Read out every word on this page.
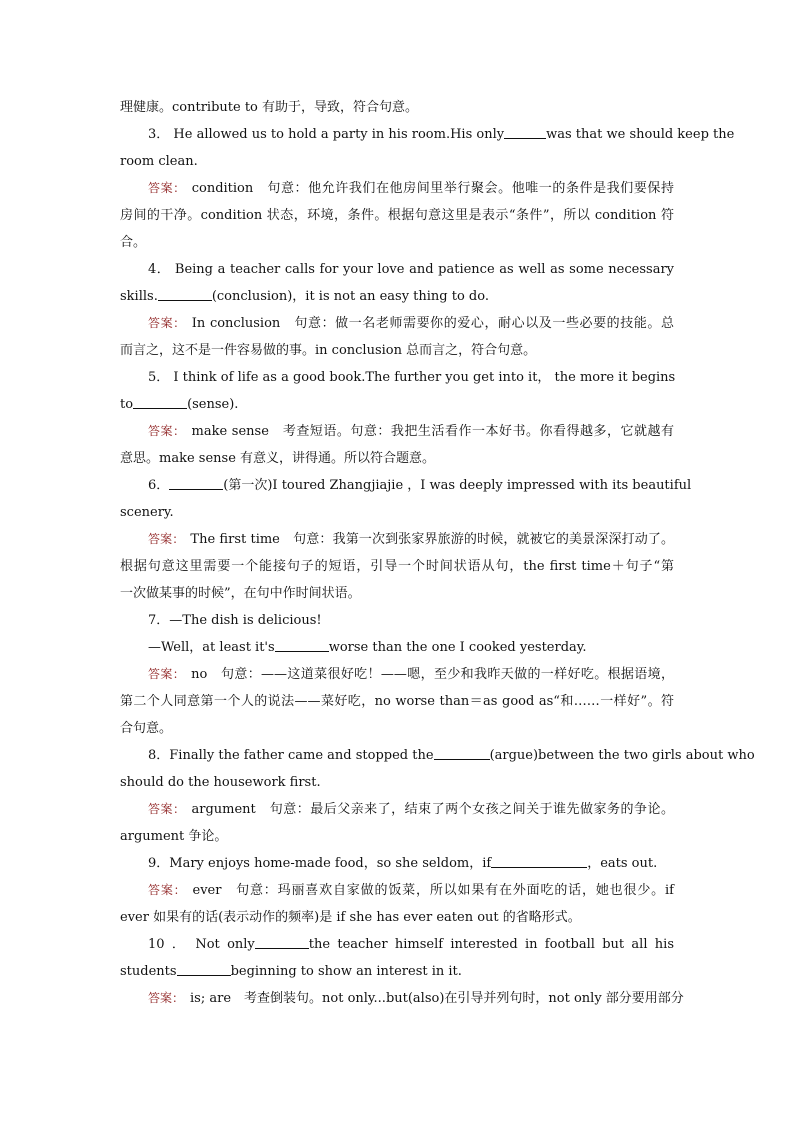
理健康。contribute to 有助于，导致，符合句意。
3． He allowed us to hold a party in his room.His only	was that we should keep the
room clean.
答案： condition　句意：他允许我们在他房间里举行聚会。他唯一的条件是我们要保持
房间的干净。condition 状态，环境，条件。根据句意这里是表示“条件”，所以 condition 符
合。
4． Being a teacher calls for your love and patience as well as some necessary
skills.	(conclusion)，it is not an easy thing to do.
答案： In conclusion　句意：做一名老师需要你的爱心，耐心以及一些必要的技能。总
而言之，这不是一件容易做的事。in conclusion 总而言之，符合句意。
5． I think of life as a good book.The further you get into it， the more it begins
to	(sense).
答案： make sense　考查短语。句意：我把生活看作一本好书。你看得越多，它就越有
意思。make sense 有意义，讲得通。所以符合题意。
6．	(第一次)I toured Zhangjiajie ，I was deeply impressed with its beautiful
scenery.
答案： The first time　句意：我第一次到张家界旅游的时候，就被它的美景深深打动了。
根据句意这里需要一个能接句子的短语，引导一个时间状语从句，the first time＋句子“第
一次做某事的时候”，在句中作时间状语。
7．—The dish is delicious!
—Well，at least it's	worse than the one I cooked yesterday.
答案： no　句意：——这道菜很好吃！——嗯，至少和我昨天做的一样好吃。根据语境，
第二个人同意第一个人的说法——菜好吃，no worse than＝as good as“和……一样好”。符
合句意。
8．Finally the father came and stopped the	(argue)between the two girls about who
should do the housework first.
答案： argument　句意：最后父亲来了，结束了两个女孩之间关于谁先做家务的争论。
argument 争论。
9．Mary enjoys home-made food，so she seldom，if	，eats out.
答案： ever　句意：玛丽喜欢自家做的饭菜，所以如果有在外面吃的话，她也很少。if
ever 如果有的话(表示动作的频率)是 if she has ever eaten out 的省略形式。
10 ． Not only	the teacher himself interested in football but all his
students	beginning to show an interest in it.
答案： is; are　考查倒装句。not only...but(also)在引导并列句时，not only 部分要用部分
